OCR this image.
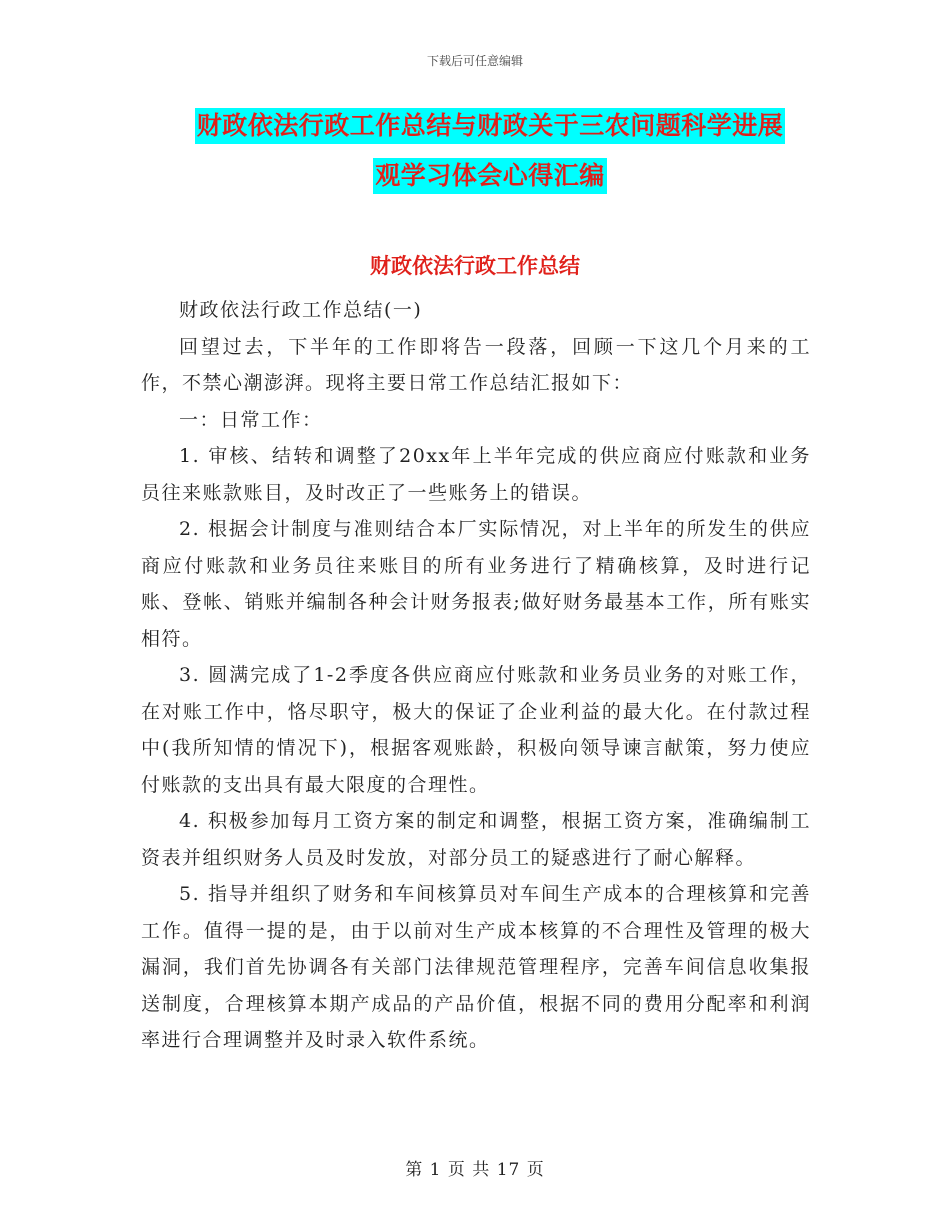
下载后可任意编辑
财政依法行政工作总结与财政关于三农问题科学进展
观学习体会心得汇编
财政依法行政工作总结

财政依法行政工作总结(一)

回望过去，下半年的工作即将告一段落，回顾一下这几个月来的工作，不禁心潮澎湃。现将主要日常工作总结汇报如下：

一：日常工作：

1. 审核、结转和调整了20xx年上半年完成的供应商应付账款和业务员往来账款账目，及时改正了一些账务上的错误。

2. 根据会计制度与准则结合本厂实际情况，对上半年的所发生的供应商应付账款和业务员往来账目的所有业务进行了精确核算，及时进行记账、登帐、销账并编制各种会计财务报表;做好财务最基本工作，所有账实相符。

3. 圆满完成了1-2季度各供应商应付账款和业务员业务的对账工作，在对账工作中，恪尽职守，极大的保证了企业利益的最大化。在付款过程中(我所知情的情况下)，根据客观账龄，积极向领导谏言献策，努力使应付账款的支出具有最大限度的合理性。

4. 积极参加每月工资方案的制定和调整，根据工资方案，准确编制工资表并组织财务人员及时发放，对部分员工的疑惑进行了耐心解释。

5. 指导并组织了财务和车间核算员对车间生产成本的合理核算和完善工作。值得一提的是，由于以前对生产成本核算的不合理性及管理的极大漏洞，我们首先协调各有关部门法律规范管理程序，完善车间信息收集报送制度，合理核算本期产成品的产品价值，根据不同的费用分配率和利润率进行合理调整并及时录入软件系统。

第 1 页 共 17 页
